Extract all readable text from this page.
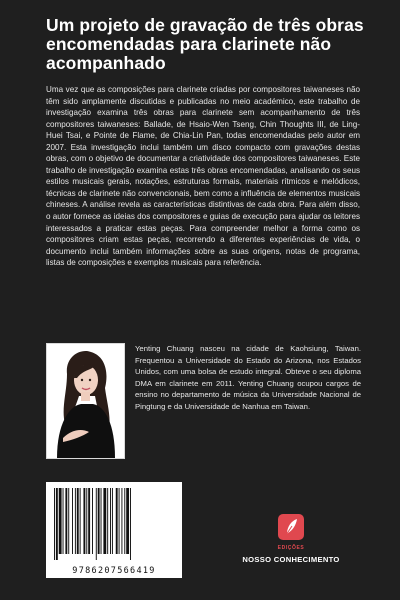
Um projeto de gravação de três obras encomendadas para clarinete não acompanhado
Uma vez que as composições para clarinete criadas por compositores taiwaneses não têm sido amplamente discutidas e publicadas no meio académico, este trabalho de investigação examina três obras para clarinete sem acompanhamento de três compositores taiwaneses: Ballade, de Hsaio-Wen Tseng, Chin Thoughts III, de Ling-Huei Tsai, e Pointe de Flame, de Chia-Lin Pan, todas encomendadas pelo autor em 2007. Esta investigação inclui também um disco compacto com gravações destas obras, com o objetivo de documentar a criatividade dos compositores taiwaneses. Este trabalho de investigação examina estas três obras encomendadas, analisando os seus estilos musicais gerais, notações, estruturas formais, materiais rítmicos e melódicos, técnicas de clarinete não convencionais, bem como a influência de elementos musicais chineses. A análise revela as características distintivas de cada obra. Para além disso, o autor fornece as ideias dos compositores e guias de execução para ajudar os leitores interessados a praticar estas peças. Para compreender melhor a forma como os compositores criam estas peças, recorrendo a diferentes experiências de vida, o documento inclui também informações sobre as suas origens, notas de programa, listas de composições e exemplos musicais para referência.
Yenting Chuang nasceu na cidade de Kaohsiung, Taiwan. Frequentou a Universidade do Estado do Arizona, nos Estados Unidos, com uma bolsa de estudo integral. Obteve o seu diploma DMA em clarinete em 2011. Yenting Chuang ocupou cargos de ensino no departamento de música da Universidade Nacional de Pingtung e da Universidade de Nanhua em Taiwan.
9786207566419
EDIÇÕES
NOSSO CONHECIMENTO
